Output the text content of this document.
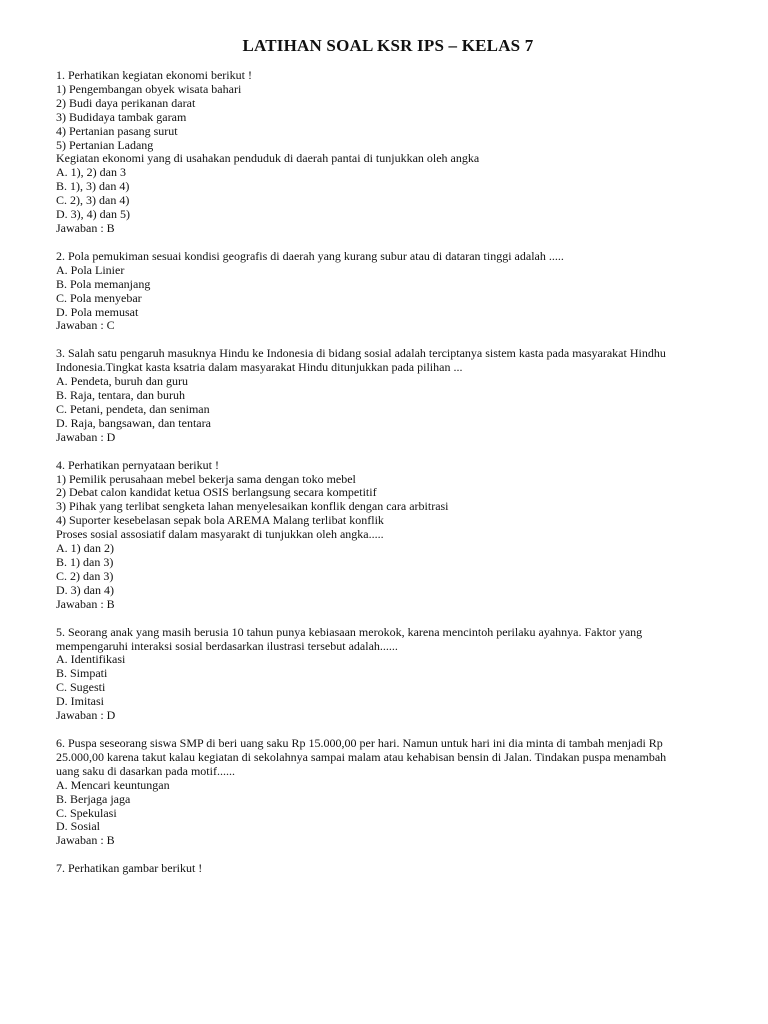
LATIHAN SOAL KSR IPS – KELAS 7
1. Perhatikan kegiatan ekonomi berikut !
1) Pengembangan obyek wisata bahari
2) Budi daya perikanan darat
3) Budidaya tambak garam
4) Pertanian pasang surut
5) Pertanian Ladang
Kegiatan ekonomi yang di usahakan penduduk di daerah pantai di tunjukkan oleh angka
A. 1), 2) dan 3
B. 1), 3) dan 4)
C. 2), 3) dan 4)
D. 3), 4) dan 5)
Jawaban : B
2. Pola pemukiman sesuai kondisi geografis di daerah yang kurang subur atau di dataran tinggi adalah .....
A. Pola Linier
B. Pola memanjang
C. Pola menyebar
D. Pola memusat
Jawaban : C
3. Salah satu pengaruh masuknya Hindu ke Indonesia di bidang sosial adalah terciptanya sistem kasta pada masyarakat Hindhu
Indonesia.Tingkat kasta ksatria dalam masyarakat Hindu ditunjukkan pada pilihan ...
A. Pendeta, buruh dan guru
B. Raja, tentara, dan buruh
C. Petani, pendeta, dan seniman
D. Raja, bangsawan, dan tentara
Jawaban : D
4. Perhatikan pernyataan berikut !
1) Pemilik perusahaan mebel bekerja sama dengan toko mebel
2) Debat calon kandidat ketua OSIS berlangsung secara kompetitif
3) Pihak yang terlibat sengketa lahan menyelesaikan konflik dengan cara arbitrasi
4) Suporter kesebelasan sepak bola AREMA Malang terlibat konflik
Proses sosial assosiatif dalam masyarakt di tunjukkan oleh angka.....
A. 1) dan 2)
B. 1) dan 3)
C. 2) dan 3)
D. 3) dan 4)
Jawaban : B
5. Seorang anak yang masih berusia 10 tahun punya kebiasaan merokok, karena mencintoh perilaku ayahnya. Faktor yang
mempengaruhi interaksi sosial berdasarkan ilustrasi tersebut adalah......
A. Identifikasi
B. Simpati
C. Sugesti
D. Imitasi
Jawaban : D
6. Puspa seseorang siswa SMP di beri uang saku Rp 15.000,00 per hari. Namun untuk hari ini dia minta di tambah menjadi Rp
25.000,00 karena takut kalau kegiatan di sekolahnya sampai malam atau kehabisan bensin di Jalan. Tindakan puspa menambah
uang saku di dasarkan pada motif......
A. Mencari keuntungan
B. Berjaga jaga
C. Spekulasi
D. Sosial
Jawaban : B
7. Perhatikan gambar berikut !
